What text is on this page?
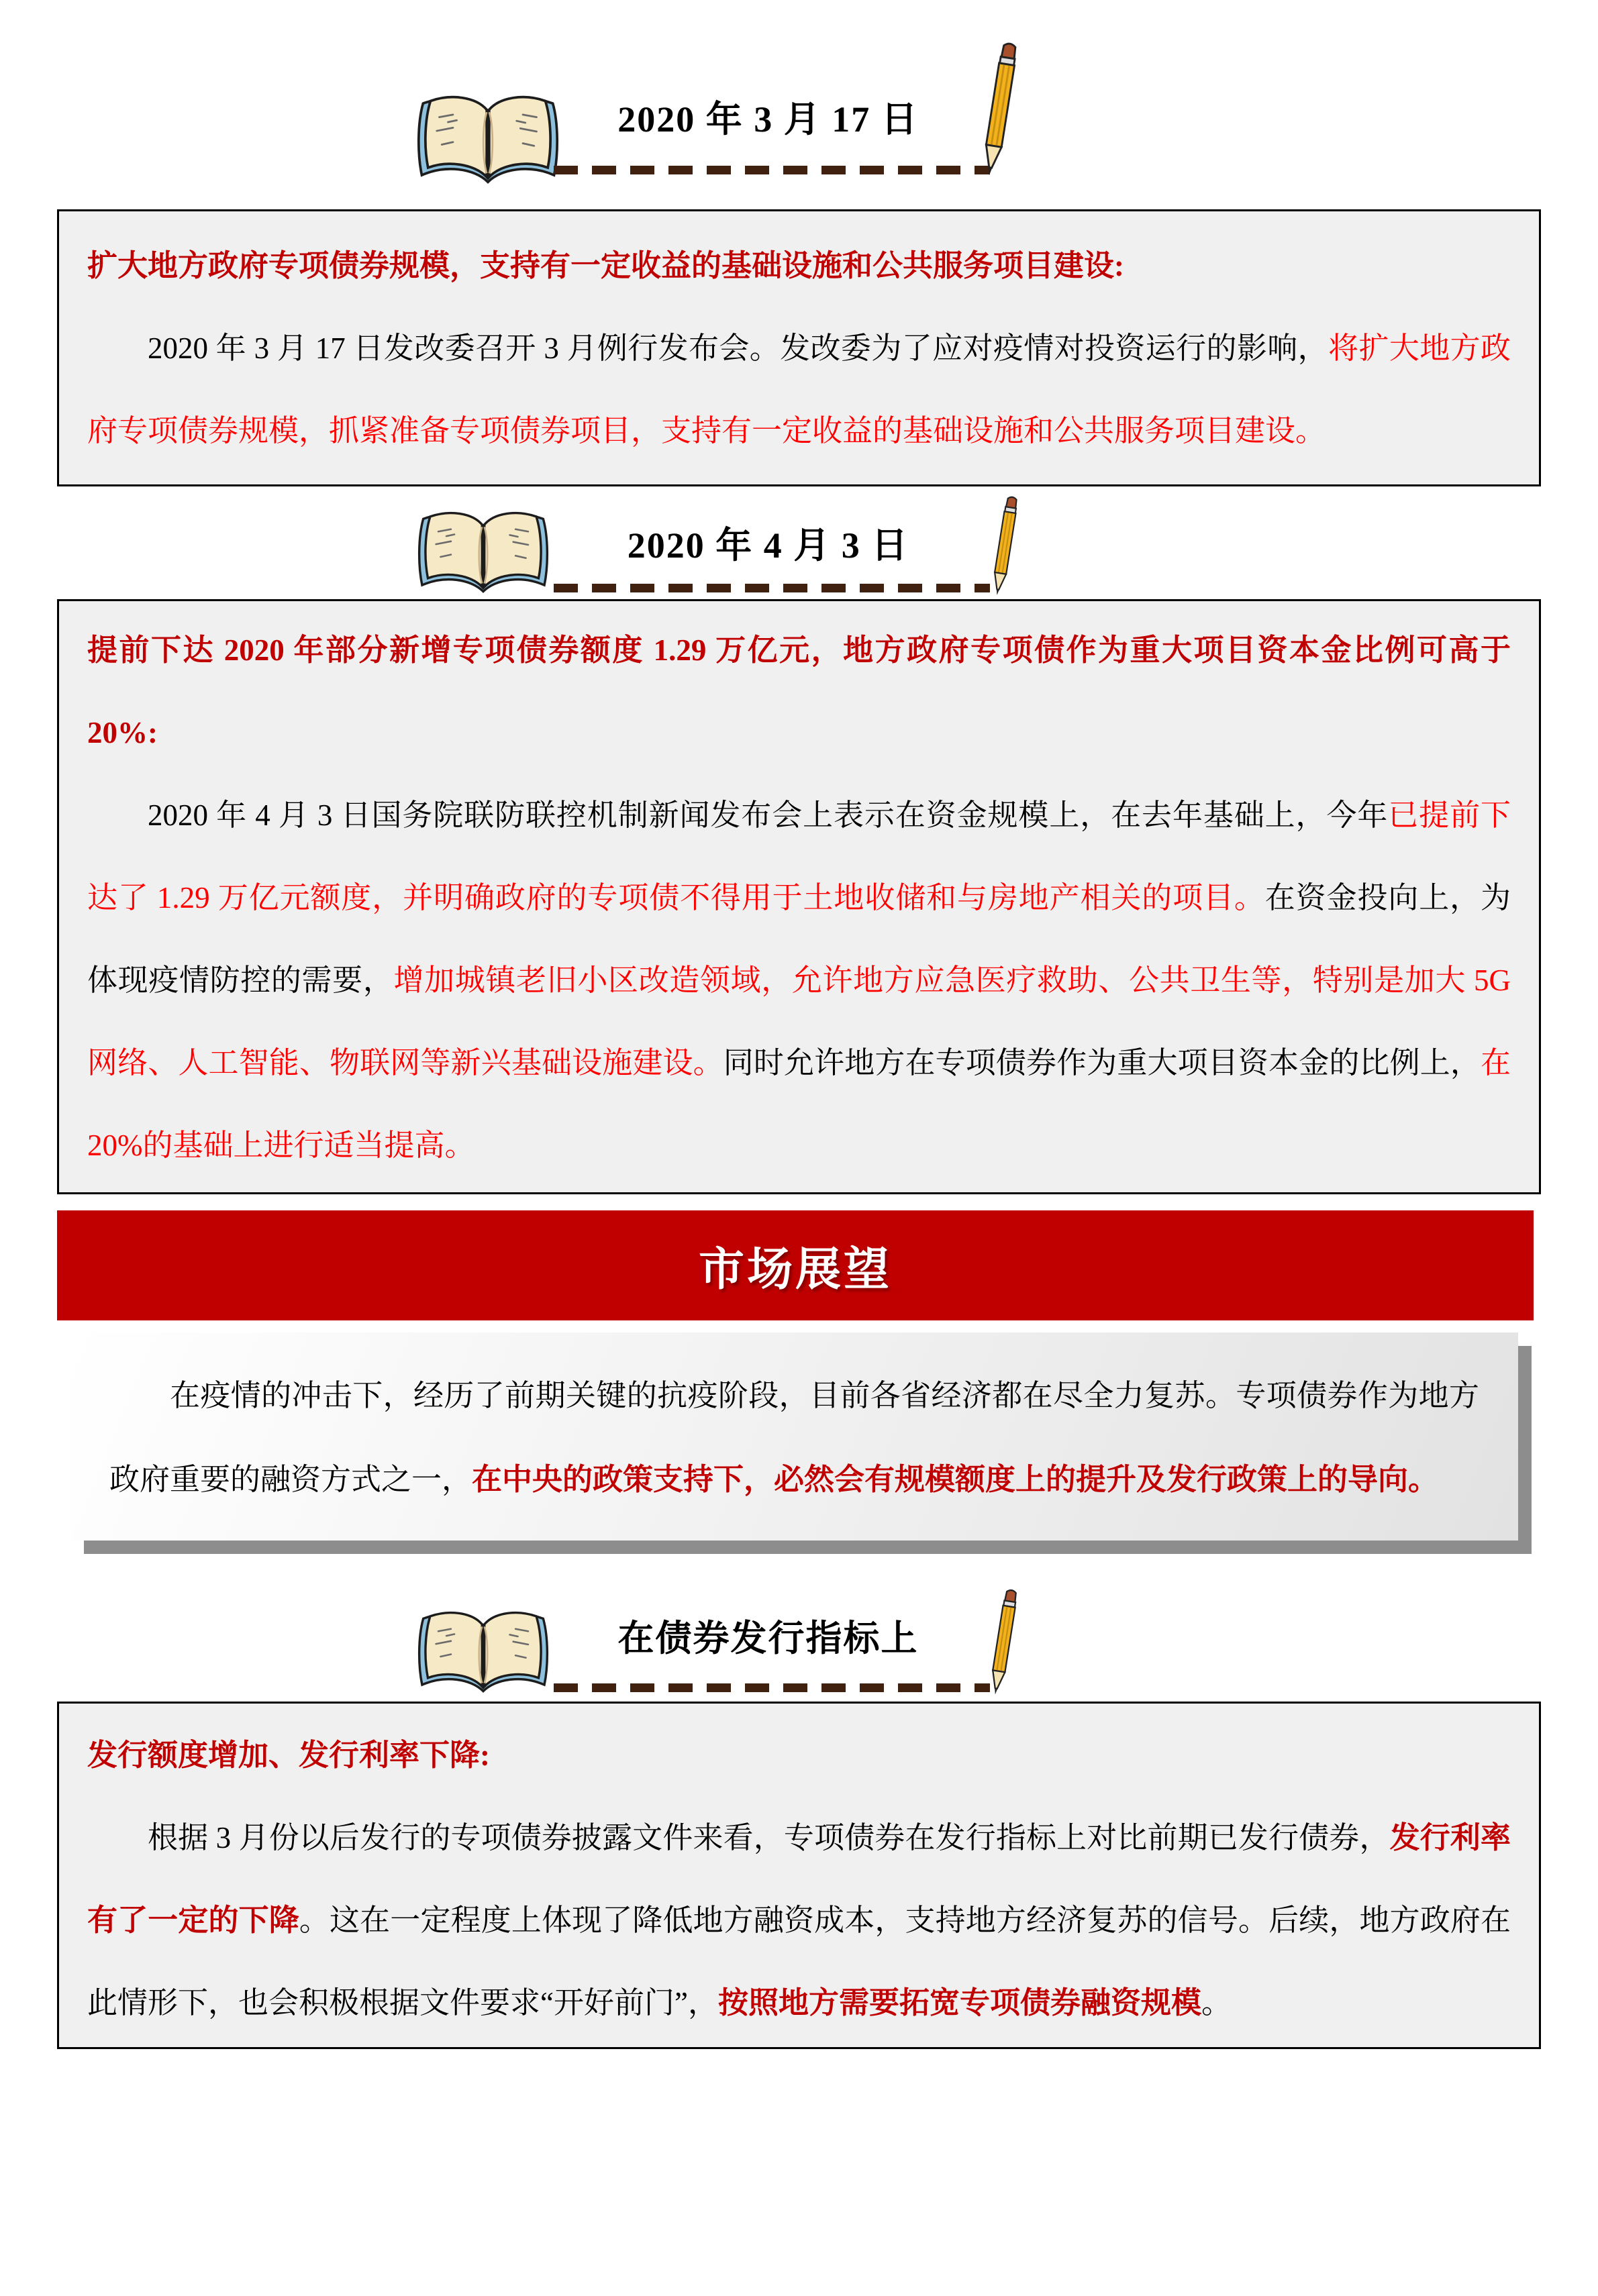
2020 年 3 月 17 日

扩大地方政府专项债券规模，支持有一定收益的基础设施和公共服务项目建设:

2020 年 3 月 17 日发改委召开 3 月例行发布会。发改委为了应对疫情对投资运行的影响，将扩大地方政府专项债券规模，抓紧准备专项债券项目，支持有一定收益的基础设施和公共服务项目建设。

2020 年 4 月 3 日

提前下达 2020 年部分新增专项债券额度 1.29 万亿元，地方政府专项债作为重大项目资本金比例可高于 20%:

2020 年 4 月 3 日国务院联防联控机制新闻发布会上表示在资金规模上，在去年基础上，今年已提前下达了 1.29 万亿元额度，并明确政府的专项债不得用于土地收储和与房地产相关的项目。在资金投向上，为体现疫情防控的需要，增加城镇老旧小区改造领域，允许地方应急医疗救助、公共卫生等，特别是加大 5G 网络、人工智能、物联网等新兴基础设施建设。同时允许地方在专项债券作为重大项目资本金的比例上，在 20%的基础上进行适当提高。

市场展望

在疫情的冲击下，经历了前期关键的抗疫阶段，目前各省经济都在尽全力复苏。专项债券作为地方政府重要的融资方式之一，在中央的政策支持下，必然会有规模额度上的提升及发行政策上的导向。

在债券发行指标上

发行额度增加、发行利率下降:

根据 3 月份以后发行的专项债券披露文件来看，专项债券在发行指标上对比前期已发行债券，发行利率有了一定的下降。这在一定程度上体现了降低地方融资成本，支持地方经济复苏的信号。后续，地方政府在此情形下，也会积极根据文件要求“开好前门”，按照地方需要拓宽专项债券融资规模。
